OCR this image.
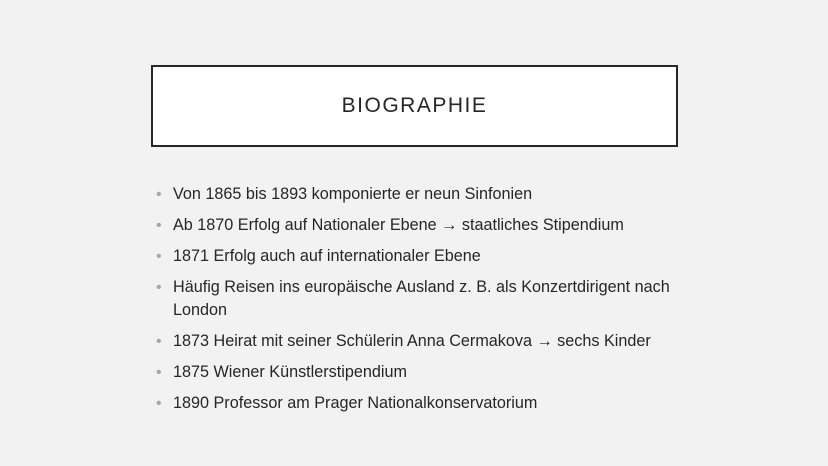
BIOGRAPHIE
• Von 1865 bis 1893 komponierte er neun Sinfonien
• Ab 1870 Erfolg auf Nationaler Ebene → staatliches Stipendium
• 1871 Erfolg auch auf internationaler Ebene
• Häufig Reisen ins europäische Ausland z. B. als Konzertdirigent nach London
• 1873 Heirat mit seiner Schülerin Anna Cermakova → sechs Kinder
• 1875 Wiener Künstlerstipendium
• 1890 Professor am Prager Nationalkonservatorium
